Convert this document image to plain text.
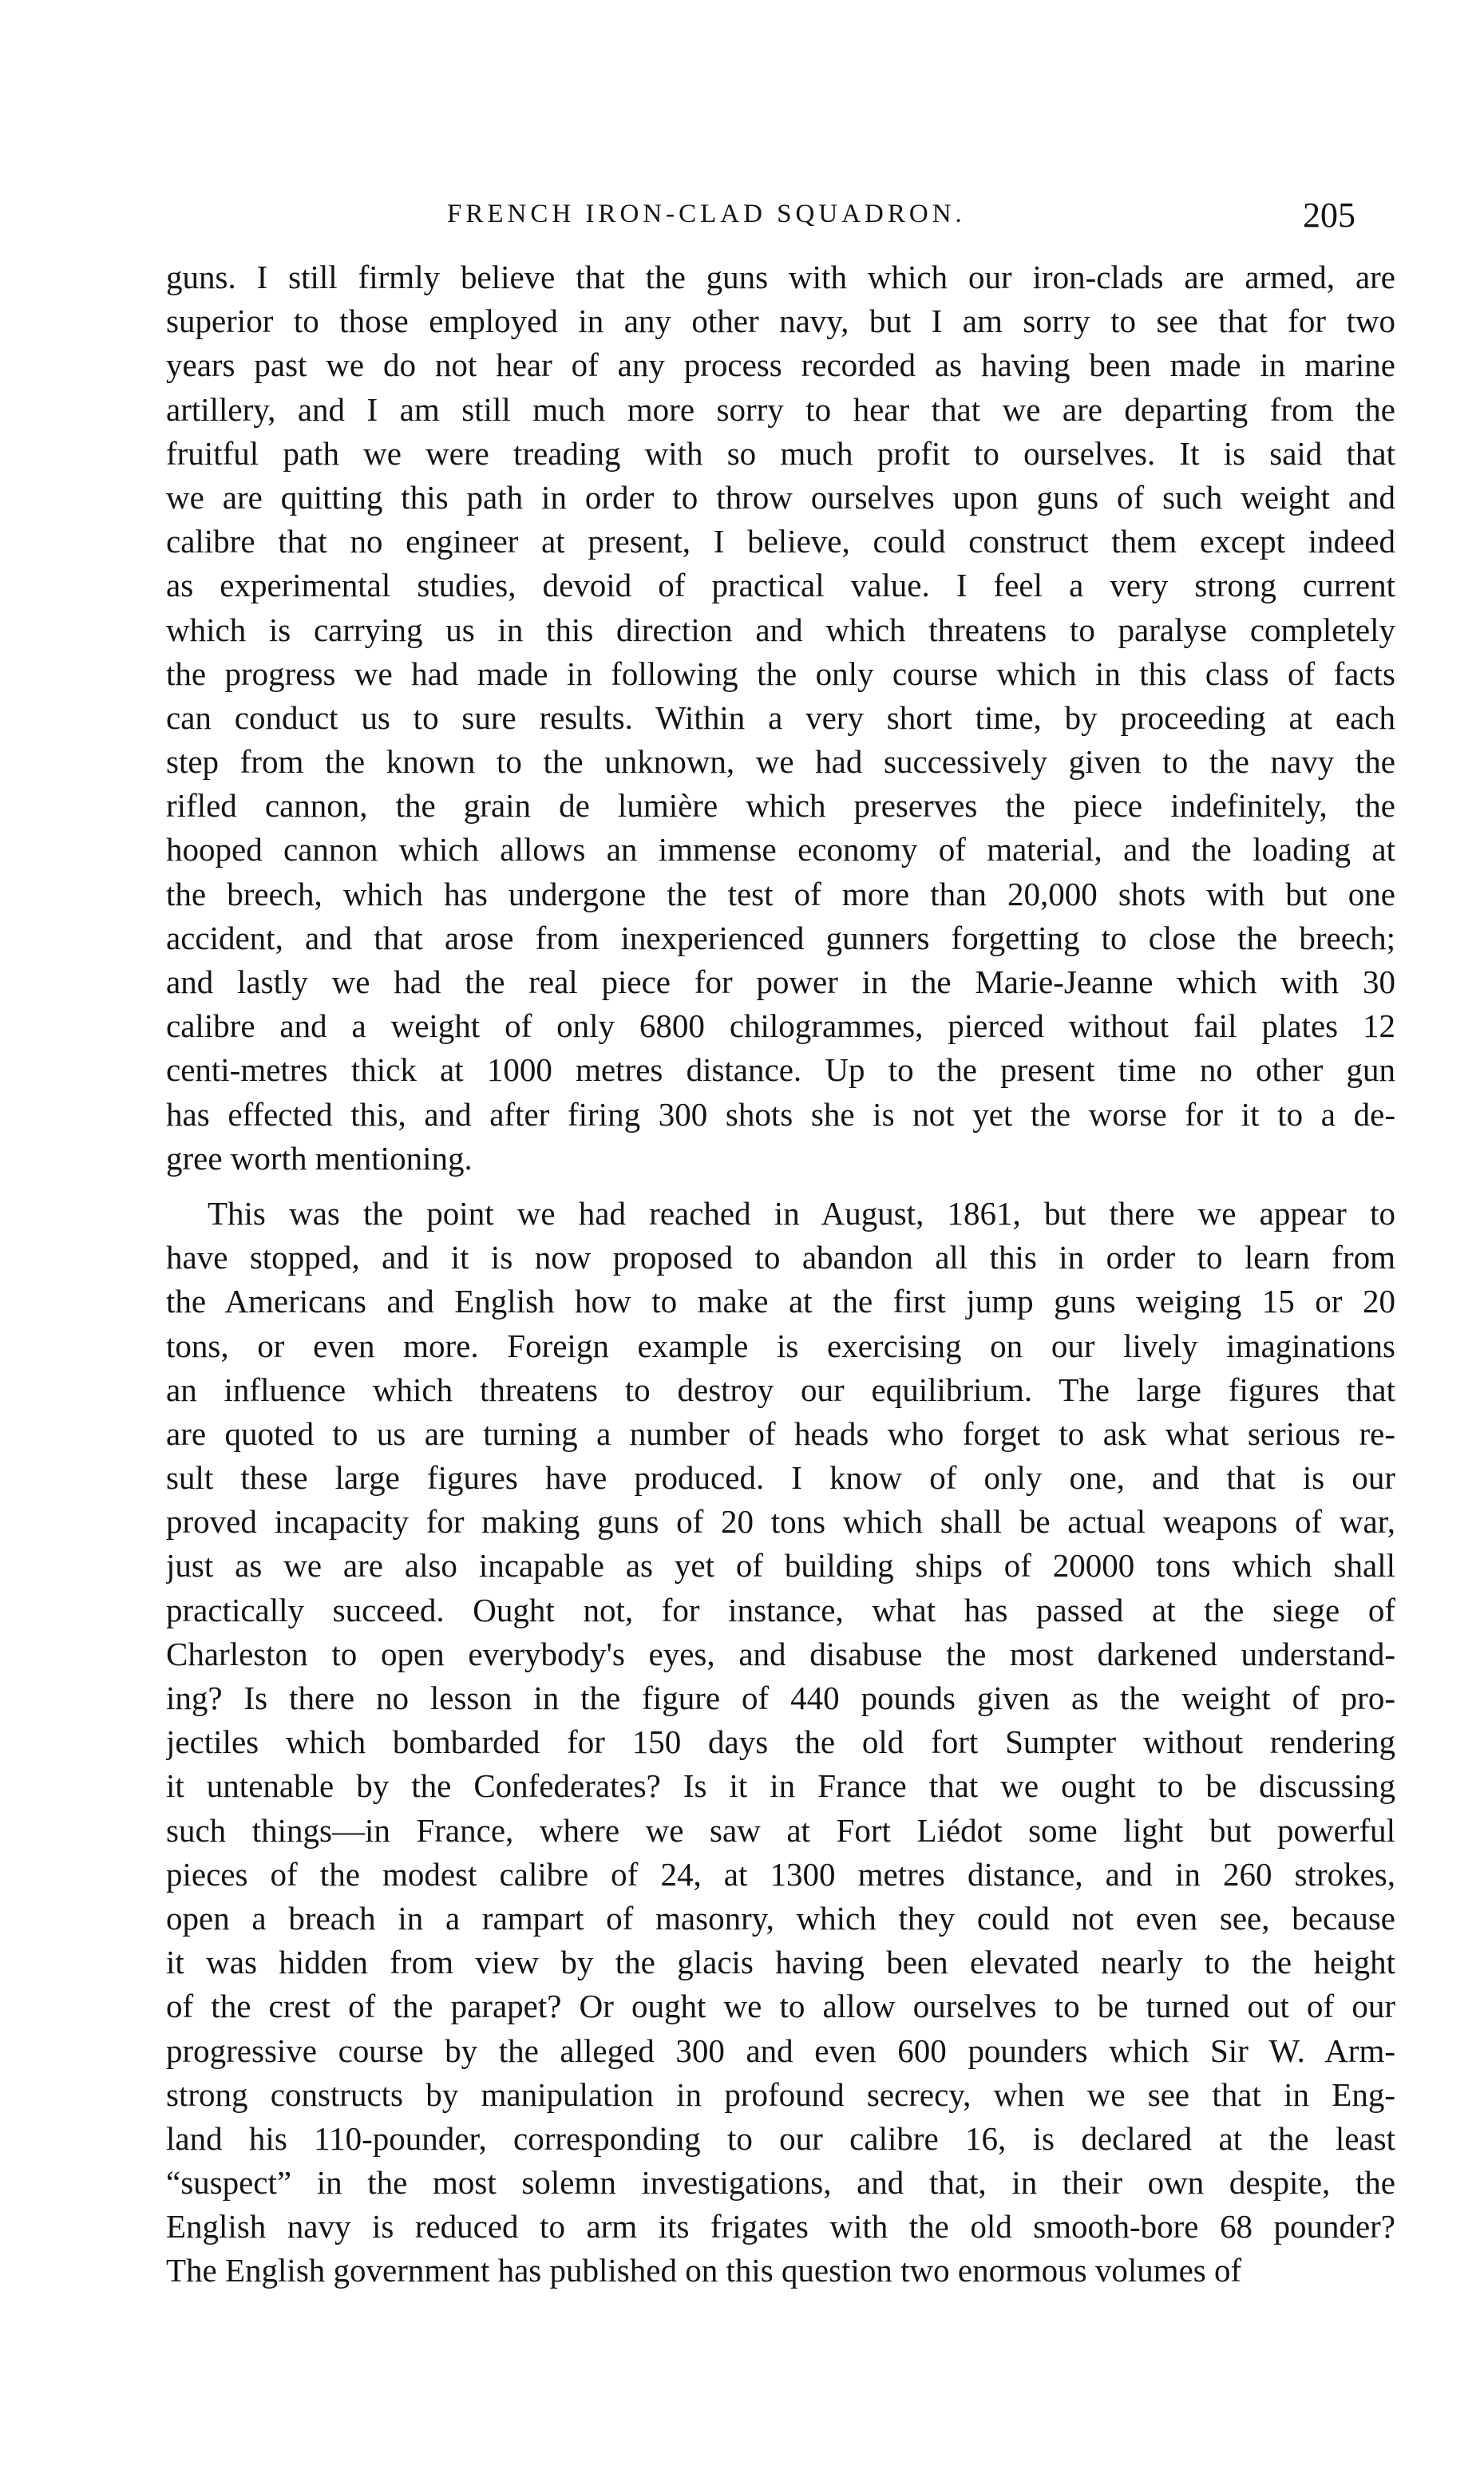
FRENCH IRON-CLAD SQUADRON.	205
guns. I still firmly believe that the guns with which our iron-clads are armed, are
superior to those employed in any other navy, but I am sorry to see that for two
years past we do not hear of any process recorded as having been made in marine
artillery, and I am still much more sorry to hear that we are departing from the
fruitful path we were treading with so much profit to ourselves. It is said that
we are quitting this path in order to throw ourselves upon guns of such weight and
calibre that no engineer at present, I believe, could construct them except indeed
as experimental studies, devoid of practical value. I feel a very strong current
which is carrying us in this direction and which threatens to paralyse completely
the progress we had made in following the only course which in this class of facts
can conduct us to sure results. Within a very short time, by proceeding at each
step from the known to the unknown, we had successively given to the navy the
rifled cannon, the grain de lumière which preserves the piece indefinitely, the
hooped cannon which allows an immense economy of material, and the loading at
the breech, which has undergone the test of more than 20,000 shots with but one
accident, and that arose from inexperienced gunners forgetting to close the breech;
and lastly we had the real piece for power in the Marie-Jeanne which with 30
calibre and a weight of only 6800 chilogrammes, pierced without fail plates 12
centi-metres thick at 1000 metres distance. Up to the present time no other gun
has effected this, and after firing 300 shots she is not yet the worse for it to a de-
gree worth mentioning.
This was the point we had reached in August, 1861, but there we appear to
have stopped, and it is now proposed to abandon all this in order to learn from
the Americans and English how to make at the first jump guns weiging 15 or 20
tons, or even more. Foreign example is exercising on our lively imaginations
an influence which threatens to destroy our equilibrium. The large figures that
are quoted to us are turning a number of heads who forget to ask what serious re-
sult these large figures have produced. I know of only one, and that is our
proved incapacity for making guns of 20 tons which shall be actual weapons of war,
just as we are also incapable as yet of building ships of 20000 tons which shall
practically succeed. Ought not, for instance, what has passed at the siege of
Charleston to open everybody's eyes, and disabuse the most darkened understand-
ing? Is there no lesson in the figure of 440 pounds given as the weight of pro-
jectiles which bombarded for 150 days the old fort Sumpter without rendering
it untenable by the Confederates? Is it in France that we ought to be discussing
such things—in France, where we saw at Fort Liédot some light but powerful
pieces of the modest calibre of 24, at 1300 metres distance, and in 260 strokes,
open a breach in a rampart of masonry, which they could not even see, because
it was hidden from view by the glacis having been elevated nearly to the height
of the crest of the parapet? Or ought we to allow ourselves to be turned out of our
progressive course by the alleged 300 and even 600 pounders which Sir W. Arm-
strong constructs by manipulation in profound secrecy, when we see that in Eng-
land his 110-pounder, corresponding to our calibre 16, is declared at the least
“suspect” in the most solemn investigations, and that, in their own despite, the
English navy is reduced to arm its frigates with the old smooth-bore 68 pounder?
The English government has published on this question two enormous volumes of
